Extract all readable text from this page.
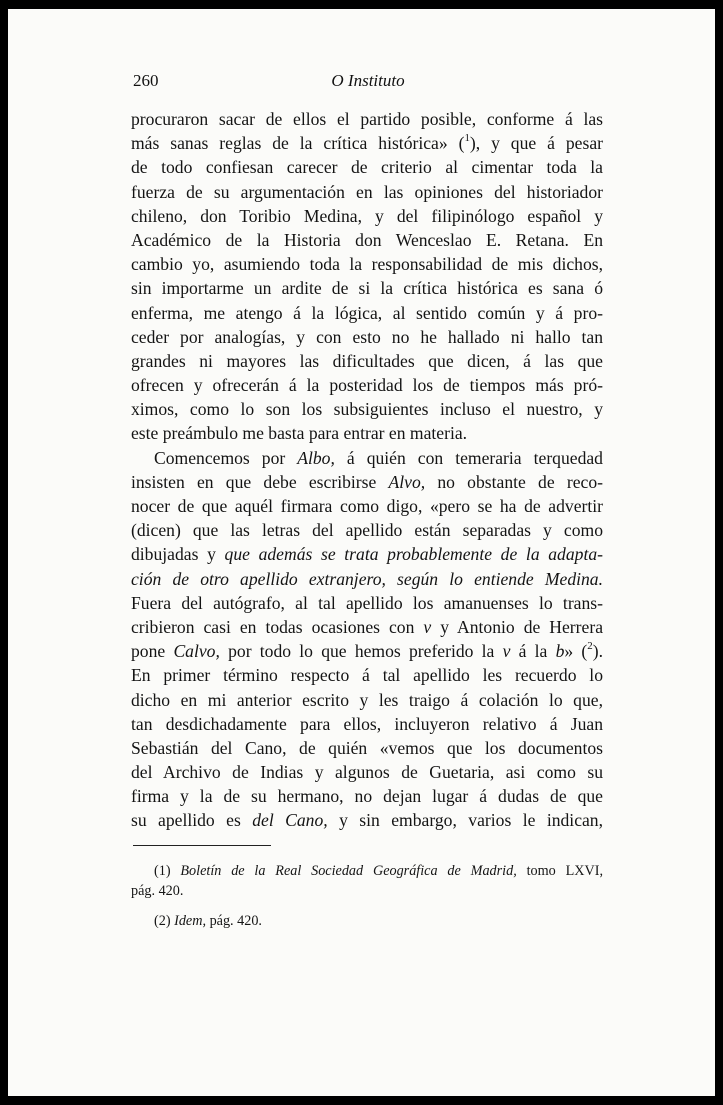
260	O Instituto
procuraron sacar de ellos el partido posible, conforme á las
más sanas reglas de la crítica histórica» ($^1$), y que á pesar
de todo confiesan carecer de criterio al cimentar toda la
fuerza de su argumentación en las opiniones del historiador
chileno, don Toribio Medina, y del filipinólogo español y
Académico de la Historia don Wenceslao E. Retana. En
cambio yo, asumiendo toda la responsabilidad de mis dichos,
sin importarme un ardite de si la crítica histórica es sana ó
enferma, me atengo á la lógica, al sentido común y á pro-
ceder por analogías, y con esto no he hallado ni hallo tan
grandes ni mayores las dificultades que dicen, á las que
ofrecen y ofrecerán á la posteridad los de tiempos más pró-
ximos, como lo son los subsiguientes incluso el nuestro, y
este preámbulo me basta para entrar en materia.
Comencemos por Albo, á quién con temeraria terquedad
insisten en que debe escribirse Alvo, no obstante de reco-
nocer de que aquél firmara como digo, «pero se ha de advertir
(dicen) que las letras del apellido están separadas y como
dibujadas y que además se trata probablemente de la adapta-
ción de otro apellido extranjero, según lo entiende Medina.
Fuera del autógrafo, al tal apellido los amanuenses lo trans-
cribieron casi en todas ocasiones con v y Antonio de Herrera
pone Calvo, por todo lo que hemos preferido la v á la b» ($^2$).
En primer término respecto á tal apellido les recuerdo lo
dicho en mi anterior escrito y les traigo á colación lo que,
tan desdichadamente para ellos, incluyeron relativo á Juan
Sebastián del Cano, de quién «vemos que los documentos
del Archivo de Indias y algunos de Guetaria, asi como su
firma y la de su hermano, no dejan lugar á dudas de que
su apellido es del Cano, y sin embargo, varios le indican,
(1) Boletín de la Real Sociedad Geográfica de Madrid, tomo LXVI,
pág. 420.
(2) Idem, pág. 420.
